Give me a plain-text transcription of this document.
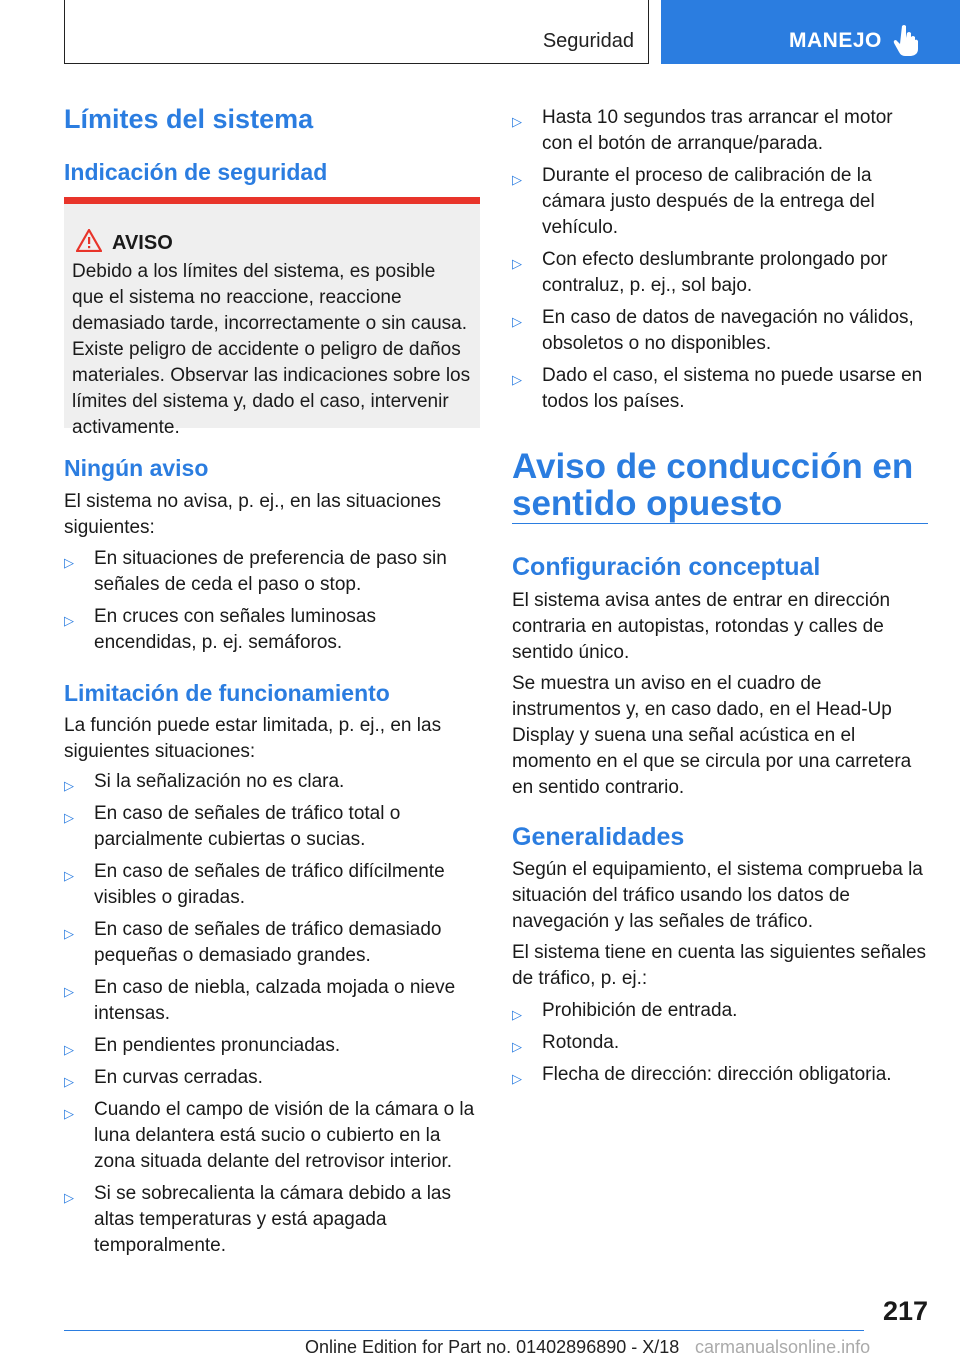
Seguridad	MANEJO
Límites del sistema
Indicación de seguridad
AVISO

Debido a los límites del sistema, es posible que el sistema no reaccione, reaccione demasiado tarde, incorrectamente o sin causa. Existe peligro de accidente o peligro de daños materiales. Observar las indicaciones sobre los límites del sistema y, dado el caso, intervenir activamente.

Ningún aviso

El sistema no avisa, p. ej., en las situaciones siguientes:

▷ En situaciones de preferencia de paso sin señales de ceda el paso o stop.
▷ En cruces con señales luminosas encendidas, p. ej. semáforos.
Limitación de funcionamiento

La función puede estar limitada, p. ej., en las siguientes situaciones:

▷ Si la señalización no es clara.
▷ En caso de señales de tráfico total o parcialmente cubiertas o sucias.
▷ En caso de señales de tráfico difícilmente visibles o giradas.
▷ En caso de señales de tráfico demasiado pequeñas o demasiado grandes.
▷ En caso de niebla, calzada mojada o nieve intensas.
▷ En pendientes pronunciadas.
▷ En curvas cerradas.
▷ Cuando el campo de visión de la cámara o la luna delantera está sucio o cubierto en la zona situada delante del retrovisor interior.
▷ Si se sobrecalienta la cámara debido a las altas temperaturas y está apagada temporalmente.
▷ Hasta 10 segundos tras arrancar el motor con el botón de arranque/parada.
▷ Durante el proceso de calibración de la cámara justo después de la entrega del vehículo.
▷ Con efecto deslumbrante prolongado por contraluz, p. ej., sol bajo.
▷ En caso de datos de navegación no válidos, obsoletos o no disponibles.
▷ Dado el caso, el sistema no puede usarse en todos los países.
Aviso de conducción en sentido opuesto
Configuración conceptual

El sistema avisa antes de entrar en dirección contraria en autopistas, rotondas y calles de sentido único.

Se muestra un aviso en el cuadro de instrumentos y, en caso dado, en el Head-Up Display y suena una señal acústica en el momento en el que se circula por una carretera en sentido contrario.

Generalidades

Según el equipamiento, el sistema comprueba la situación del tráfico usando los datos de navegación y las señales de tráfico.

El sistema tiene en cuenta las siguientes señales de tráfico, p. ej.:

▷ Prohibición de entrada.
▷ Rotonda.
▷ Flecha de dirección: dirección obligatoria.
217
Online Edition for Part no. 01402896890 - X/18 carmanualsonline.info
